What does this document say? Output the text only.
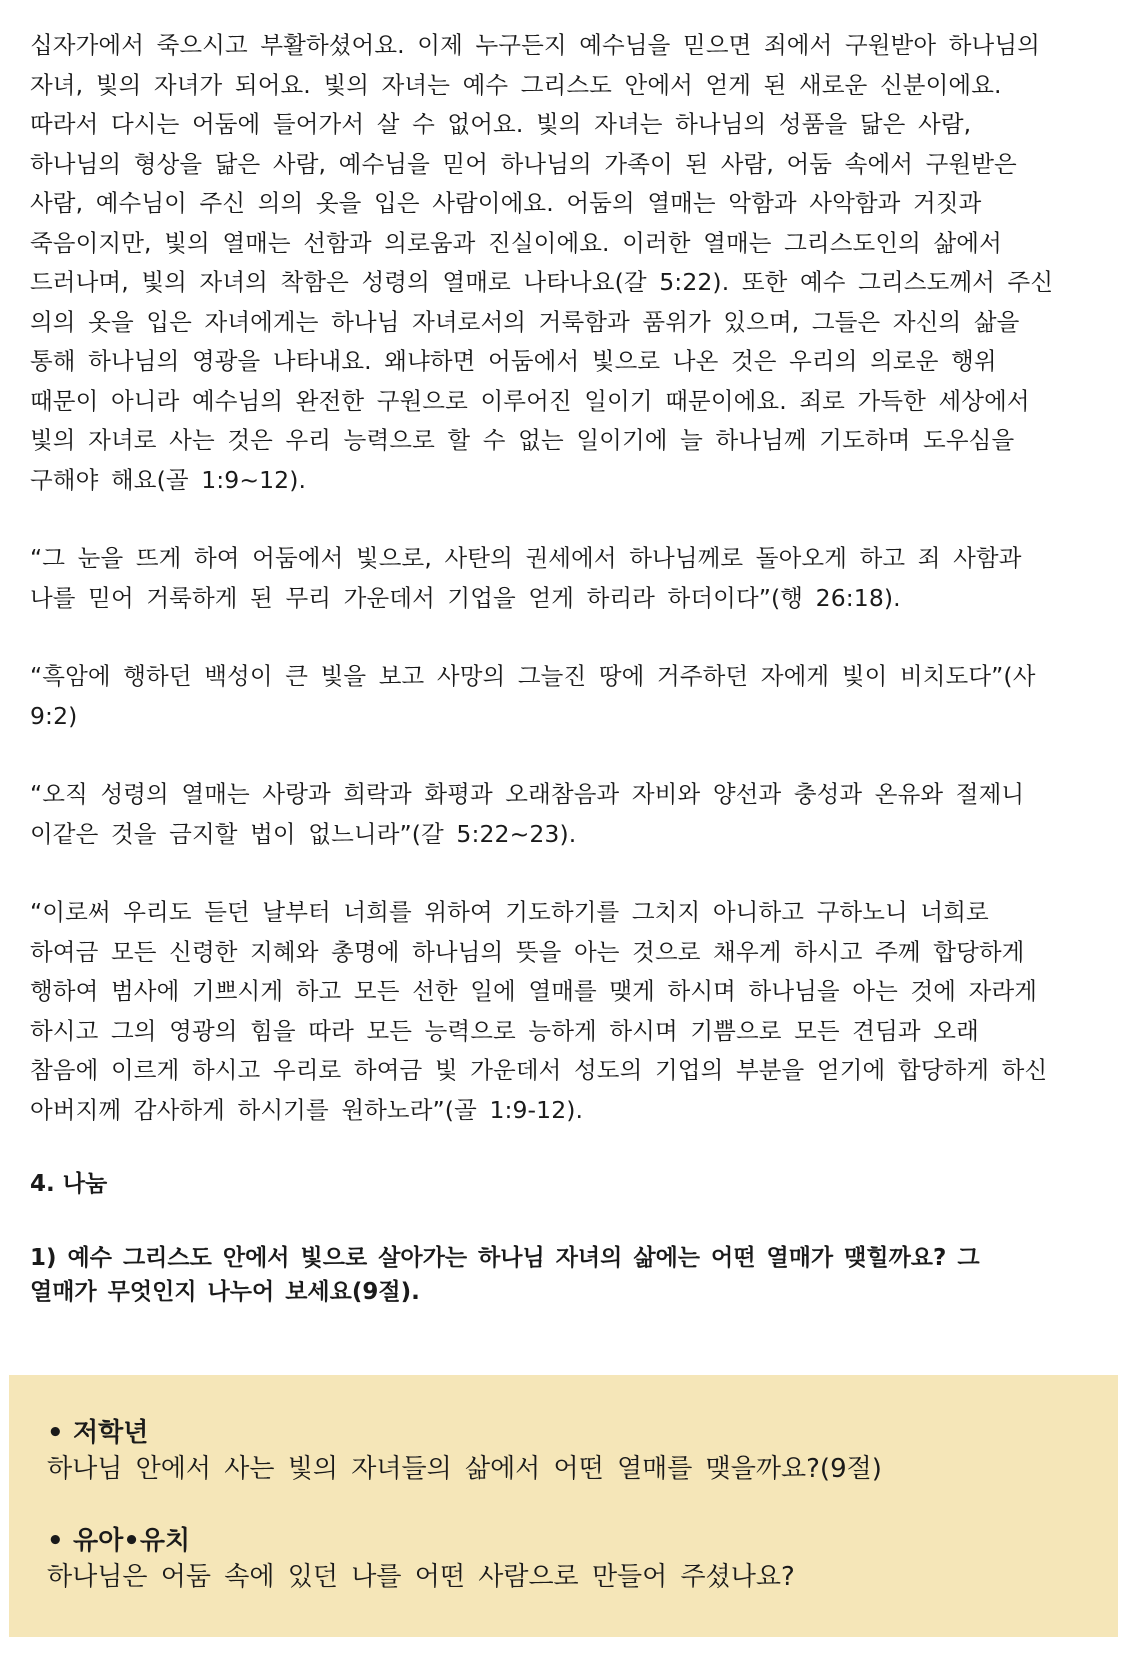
십자가에서 죽으시고 부활하셨어요. 이제 누구든지 예수님을 믿으면 죄에서 구원받아 하나님의
자녀, 빛의 자녀가 되어요. 빛의 자녀는 예수 그리스도 안에서 얻게 된 새로운 신분이에요.
따라서 다시는 어둠에 들어가서 살 수 없어요. 빛의 자녀는 하나님의 성품을 닮은 사람,
하나님의 형상을 닮은 사람, 예수님을 믿어 하나님의 가족이 된 사람, 어둠 속에서 구원받은
사람, 예수님이 주신 의의 옷을 입은 사람이에요. 어둠의 열매는 악함과 사악함과 거짓과
죽음이지만, 빛의 열매는 선함과 의로움과 진실이에요. 이러한 열매는 그리스도인의 삶에서
드러나며, 빛의 자녀의 착함은 성령의 열매로 나타나요(갈 5:22). 또한 예수 그리스도께서 주신
의의 옷을 입은 자녀에게는 하나님 자녀로서의 거룩함과 품위가 있으며, 그들은 자신의 삶을
통해 하나님의 영광을 나타내요. 왜냐하면 어둠에서 빛으로 나온 것은 우리의 의로운 행위
때문이 아니라 예수님의 완전한 구원으로 이루어진 일이기 때문이에요. 죄로 가득한 세상에서
빛의 자녀로 사는 것은 우리 능력으로 할 수 없는 일이기에 늘 하나님께 기도하며 도우심을
구해야 해요(골 1:9~12).
“그 눈을 뜨게 하여 어둠에서 빛으로, 사탄의 권세에서 하나님께로 돌아오게 하고 죄 사함과
나를 믿어 거룩하게 된 무리 가운데서 기업을 얻게 하리라 하더이다”(행 26:18).
“흑암에 행하던 백성이 큰 빛을 보고 사망의 그늘진 땅에 거주하던 자에게 빛이 비치도다”(사
9:2)
“오직 성령의 열매는 사랑과 희락과 화평과 오래참음과 자비와 양선과 충성과 온유와 절제니
이같은 것을 금지할 법이 없느니라”(갈 5:22~23).
“이로써 우리도 듣던 날부터 너희를 위하여 기도하기를 그치지 아니하고 구하노니 너희로
하여금 모든 신령한 지혜와 총명에 하나님의 뜻을 아는 것으로 채우게 하시고 주께 합당하게
행하여 범사에 기쁘시게 하고 모든 선한 일에 열매를 맺게 하시며 하나님을 아는 것에 자라게
하시고 그의 영광의 힘을 따라 모든 능력으로 능하게 하시며 기쁨으로 모든 견딤과 오래
참음에 이르게 하시고 우리로 하여금 빛 가운데서 성도의 기업의 부분을 얻기에 합당하게 하신
아버지께 감사하게 하시기를 원하노라”(골 1:9-12).
4. 나눔
1) 예수 그리스도 안에서 빛으로 살아가는 하나님 자녀의 삶에는 어떤 열매가 맺힐까요? 그
열매가 무엇인지 나누어 보세요(9절).
• 저학년
하나님 안에서 사는 빛의 자녀들의 삶에서 어떤 열매를 맺을까요?(9절)
• 유아•유치
하나님은 어둠 속에 있던 나를 어떤 사람으로 만들어 주셨나요?
